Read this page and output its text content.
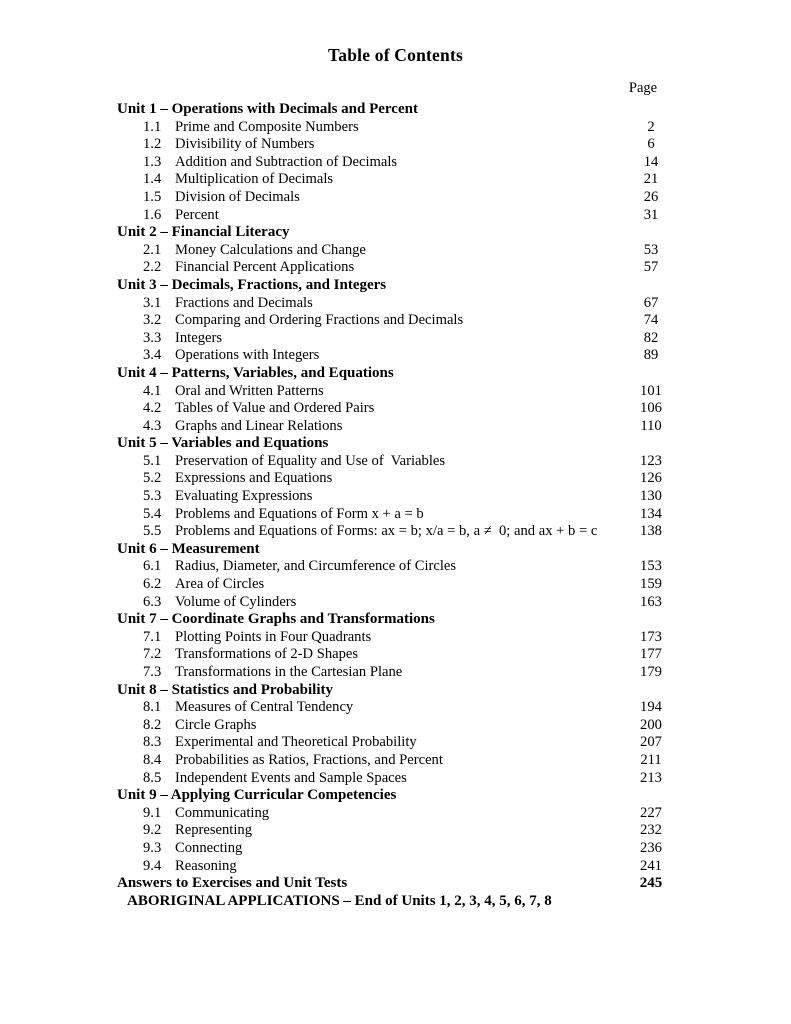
Table of Contents
Page
Unit 1 – Operations with Decimals and Percent
1.1 Prime and Composite Numbers	2
1.2 Divisibility of Numbers	6
1.3 Addition and Subtraction of Decimals	14
1.4 Multiplication of Decimals	21
1.5 Division of Decimals	26
1.6 Percent	31
Unit 2 – Financial Literacy
2.1 Money Calculations and Change	53
2.2 Financial Percent Applications	57
Unit 3 – Decimals, Fractions, and Integers
3.1 Fractions and Decimals	67
3.2 Comparing and Ordering Fractions and Decimals	74
3.3 Integers	82
3.4 Operations with Integers	89
Unit 4 – Patterns, Variables, and Equations
4.1 Oral and Written Patterns	101
4.2 Tables of Value and Ordered Pairs	106
4.3 Graphs and Linear Relations	110
Unit 5 – Variables and Equations
5.1 Preservation of Equality and Use of  Variables	123
5.2 Expressions and Equations	126
5.3 Evaluating Expressions	130
5.4 Problems and Equations of Form x + a = b	134
5.5 Problems and Equations of Forms: ax = b; x/a = b, a ≠  0; and ax + b = c	138
Unit 6 – Measurement
6.1 Radius, Diameter, and Circumference of Circles	153
6.2 Area of Circles	159
6.3 Volume of Cylinders	163
Unit 7 – Coordinate Graphs and Transformations
7.1 Plotting Points in Four Quadrants	173
7.2 Transformations of 2-D Shapes	177
7.3 Transformations in the Cartesian Plane	179
Unit 8 – Statistics and Probability
8.1 Measures of Central Tendency	194
8.2 Circle Graphs	200
8.3 Experimental and Theoretical Probability	207
8.4 Probabilities as Ratios, Fractions, and Percent	211
8.5 Independent Events and Sample Spaces	213
Unit 9 – Applying Curricular Competencies
9.1 Communicating	227
9.2 Representing	232
9.3 Connecting	236
9.4 Reasoning	241
Answers to Exercises and Unit Tests	245
ABORIGINAL APPLICATIONS – End of Units 1, 2, 3, 4, 5, 6, 7, 8
